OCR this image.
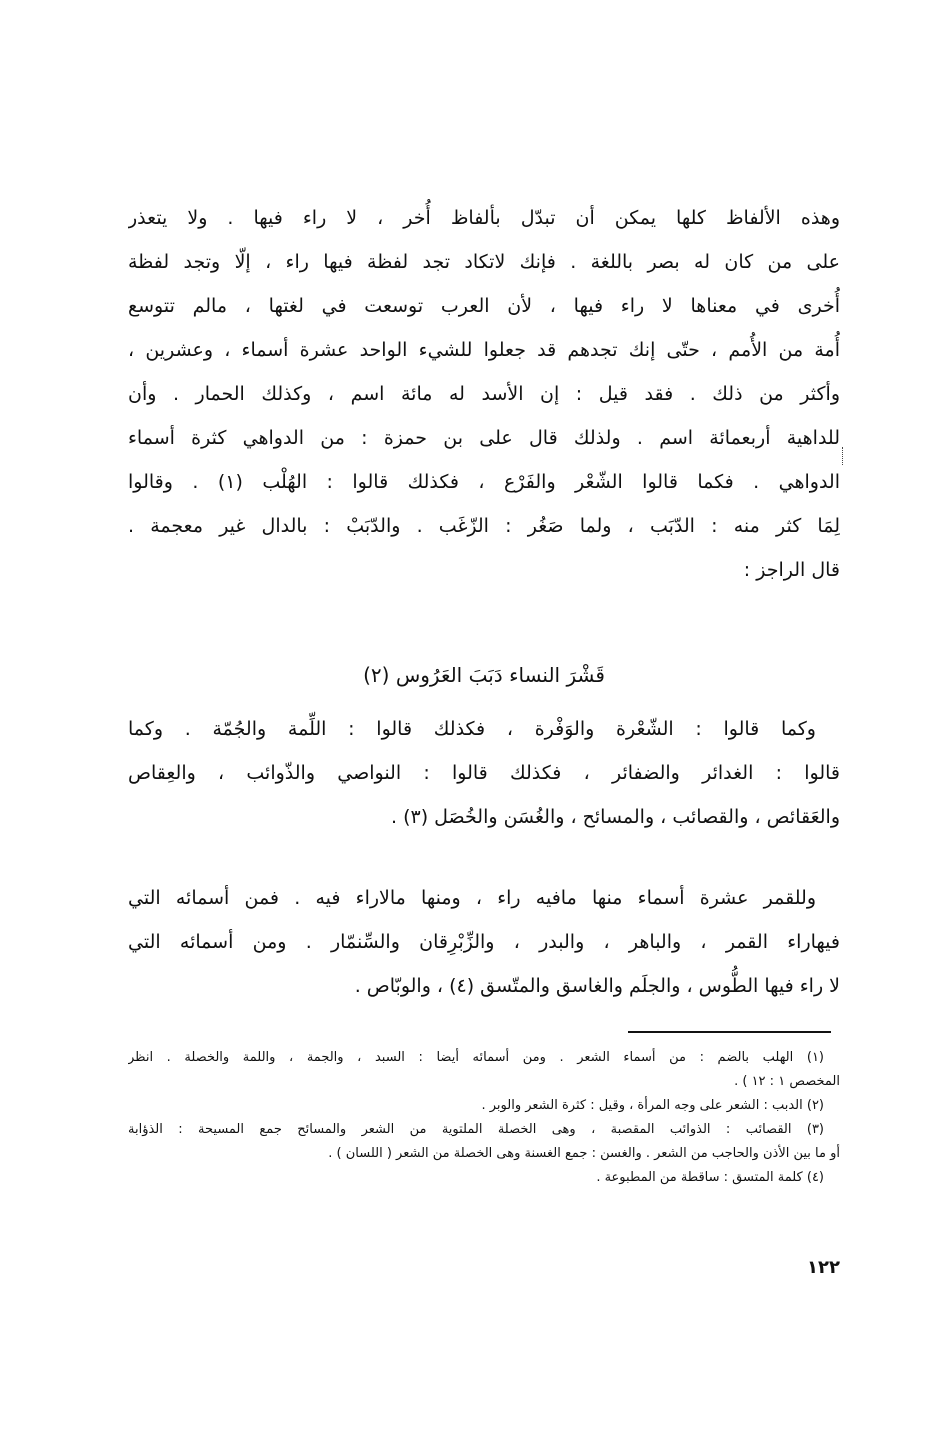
وهذه الألفاظ كلها يمكن أن تبدّل بألفاظ أُخر ، لا راء فيها . ولا يتعذر
على من كان له بصر باللغة . فإنك لاتكاد تجد لفظة فيها راء ، إلّا وتجد لفظة
أُخرى في معناها لا راء فيها ، لأن العرب توسعت في لغتها ، مالم تتوسع
أُمة من الأُمم ، حتّى إنك تجدهم قد جعلوا للشيء الواحد عشرة أسماء ، وعشرين ،
وأكثر من ذلك . فقد قيل : إن الأسد له مائة اسم ، وكذلك الحمار . وأن
للداهية أربعمائة اسم . ولذلك قال على بن حمزة : من الدواهي كثرة أسماء
الدواهي . فكما قالوا الشّعْر والفَرْع ، فكذلك قالوا : الهُلْب (١) . وقالوا
لِمَا كثر منه : الدّبَب ، ولما صَغُر : الزّغَب . والدّبَبْ : بالدال غير معجمة .
قال الراجز :
قَشْرَ النساء دَبَبَ العَرُوس (٢)
وكما قالوا : الشّعْرة والوَفْرة ، فكذلك قالوا : اللِّمة والجُمّة . وكما
قالوا : الغدائر والضفائر ، فكذلك قالوا : النواصي والذّوائب ، والعِقاص
والعَقائص ، والقصائب ، والمسائح ، والغُسَن والخُصَل (٣) .
وللقمر عشرة أسماء منها مافيه راء ، ومنها مالاراء فيه . فمن أسمائه التي
فيهاراء القمر ، والباهر ، والبدر ، والزِّبْرِقان والسِّنمّار . ومن أسمائه التي
لا راء فيها الطُّوس ، والجلَم والغاسق والمتّسق (٤) ، والوبّاص .
(١) الهلب بالضم : من أسماء الشعر . ومن أسمائه أيضا : السبد ، والجمة ، واللمة والخصلة . انظر
المخصص ١ : ١٢ ) .
(٢) الدبب : الشعر على وجه المرأة ، وقيل : كثرة الشعر والوبر .
(٣) القصائب : الذوائب المقصبة ، وهى الخصلة الملتوية من الشعر والمسائح جمع المسيحة : الذؤابة
أو ما بين الأذن والحاجب من الشعر . والغسن : جمع الغسنة وهى الخصلة من الشعر ( اللسان ) .
(٤) كلمة المتسق : ساقطة من المطبوعة .
١٢٢
